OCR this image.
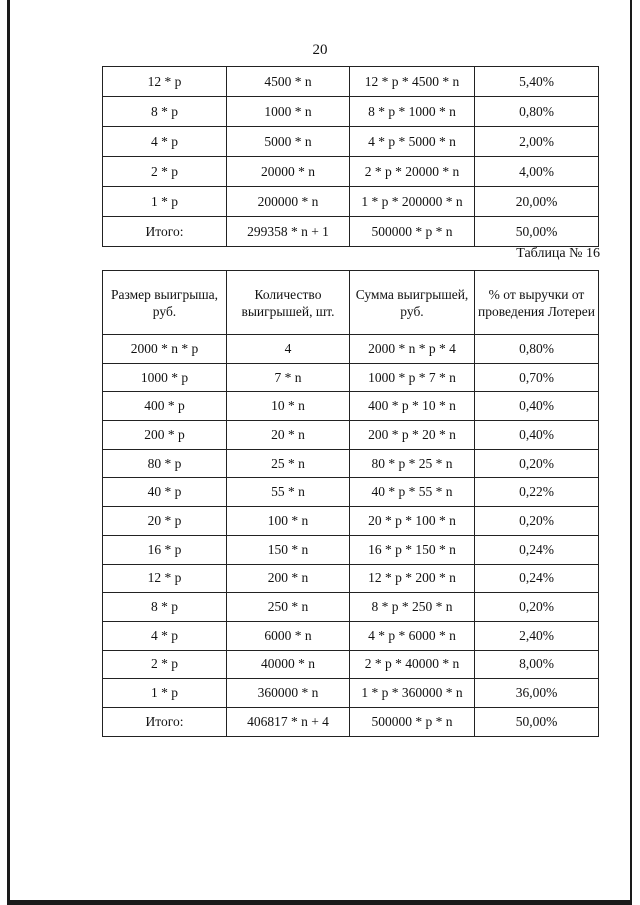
20
12 * p	4500 * n	12 * p * 4500 * n	5,40%
8 * p	1000 * n	8 * p * 1000 * n	0,80%
4 * p	5000 * n	4 * p * 5000 * n	2,00%
2 * p	20000 * n	2 * p * 20000 * n	4,00%
1 * p	200000 * n	1 * p * 200000 * n	20,00%
Итого:	299358 * n + 1	500000 * p * n	50,00%
Таблица № 16
Размер выигрыша, руб.	Количество выигрышей, шт.	Сумма выигрышей, руб.	% от выручки от проведения Лотереи
2000 * n * p	4	2000 * n * p * 4	0,80%
1000 * p	7 * n	1000 * p * 7 * n	0,70%
400 * p	10 * n	400 * p * 10 * n	0,40%
200 * p	20 * n	200 * p * 20 * n	0,40%
80 * p	25 * n	80 * p * 25 * n	0,20%
40 * p	55 * n	40 * p * 55 * n	0,22%
20 * p	100 * n	20 * p * 100 * n	0,20%
16 * p	150 * n	16 * p * 150 * n	0,24%
12 * p	200 * n	12 * p * 200 * n	0,24%
8 * p	250 * n	8 * p * 250 * n	0,20%
4 * p	6000 * n	4 * p * 6000 * n	2,40%
2 * p	40000 * n	2 * p * 40000 * n	8,00%
1 * p	360000 * n	1 * p * 360000 * n	36,00%
Итого:	406817 * n + 4	500000 * p * n	50,00%
